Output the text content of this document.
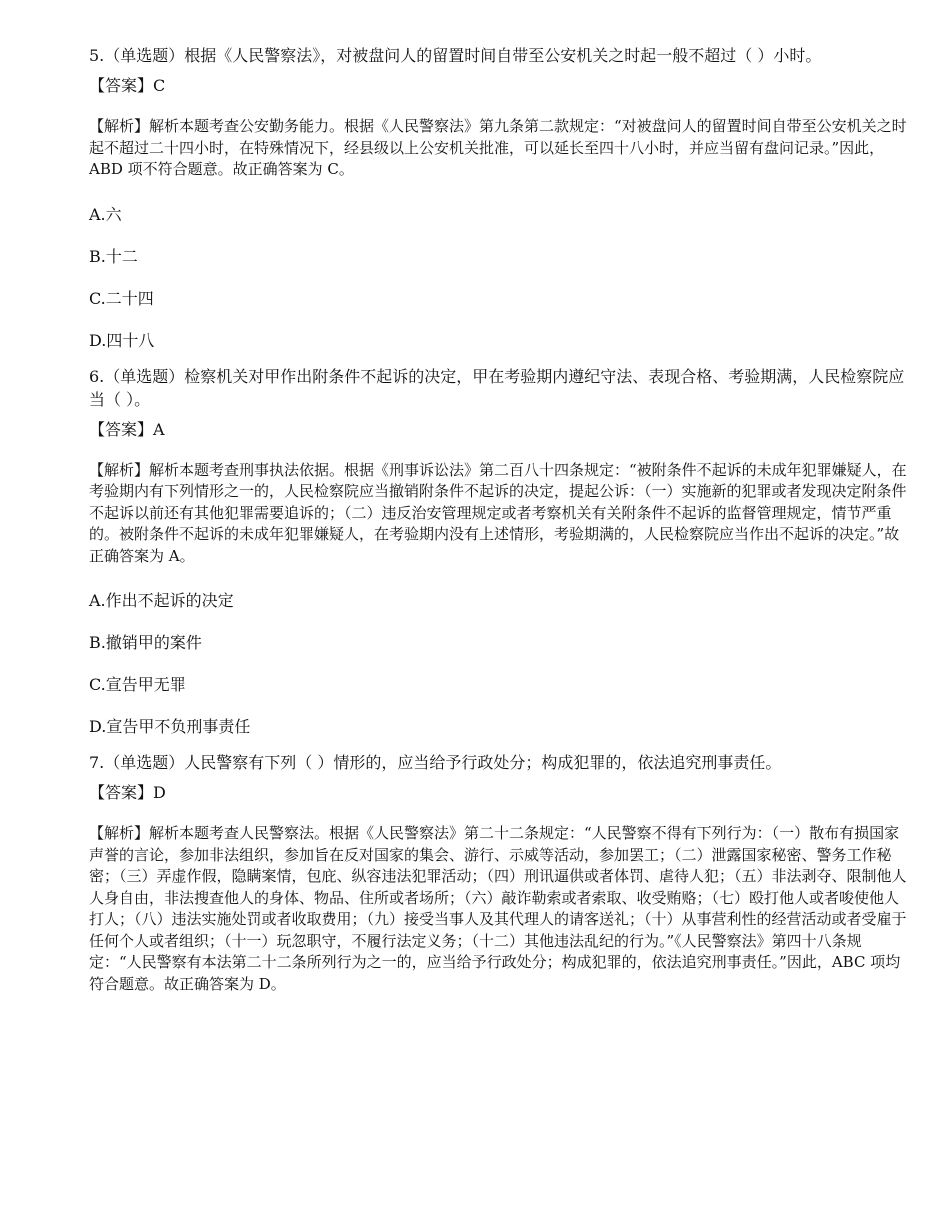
5.（单选题）根据《人民警察法》，对被盘问人的留置时间自带至公安机关之时起一般不超过（ ）小时。

【答案】C

【解析】解析本题考查公安勤务能力。根据《人民警察法》第九条第二款规定：“对被盘问人的留置时间自带至公安机关之时起不超过二十四小时，在特殊情况下，经县级以上公安机关批准，可以延长至四十八小时，并应当留有盘问记录。”因此，ABD 项不符合题意。故正确答案为 C。

A.六

B.十二

C.二十四

D.四十八

6.（单选题）检察机关对甲作出附条件不起诉的决定，甲在考验期内遵纪守法、表现合格、考验期满，人民检察院应当（ ）。

【答案】A

【解析】解析本题考查刑事执法依据。根据《刑事诉讼法》第二百八十四条规定：“被附条件不起诉的未成年犯罪嫌疑人，在考验期内有下列情形之一的，人民检察院应当撤销附条件不起诉的决定，提起公诉：（一）实施新的犯罪或者发现决定附条件不起诉以前还有其他犯罪需要追诉的；（二）违反治安管理规定或者考察机关有关附条件不起诉的监督管理规定，情节严重的。被附条件不起诉的未成年犯罪嫌疑人，在考验期内没有上述情形，考验期满的，人民检察院应当作出不起诉的决定。”故正确答案为 A。

A.作出不起诉的决定

B.撤销甲的案件

C.宣告甲无罪

D.宣告甲不负刑事责任

7.（单选题）人民警察有下列（ ）情形的，应当给予行政处分；构成犯罪的，依法追究刑事责任。

【答案】D

【解析】解析本题考查人民警察法。根据《人民警察法》第二十二条规定：“人民警察不得有下列行为：（一）散布有损国家声誉的言论，参加非法组织，参加旨在反对国家的集会、游行、示威等活动，参加罢工；（二）泄露国家秘密、警务工作秘密；（三）弄虚作假，隐瞒案情，包庇、纵容违法犯罪活动；（四）刑讯逼供或者体罚、虐待人犯；（五）非法剥夺、限制他人人身自由，非法搜查他人的身体、物品、住所或者场所；（六）敲诈勒索或者索取、收受贿赂；（七）殴打他人或者唆使他人打人；（八）违法实施处罚或者收取费用；（九）接受当事人及其代理人的请客送礼；（十）从事营利性的经营活动或者受雇于任何个人或者组织；（十一）玩忽职守，不履行法定义务；（十二）其他违法乱纪的行为。”《人民警察法》第四十八条规定：“人民警察有本法第二十二条所列行为之一的，应当给予行政处分；构成犯罪的，依法追究刑事责任。”因此，ABC 项均符合题意。故正确答案为 D。
